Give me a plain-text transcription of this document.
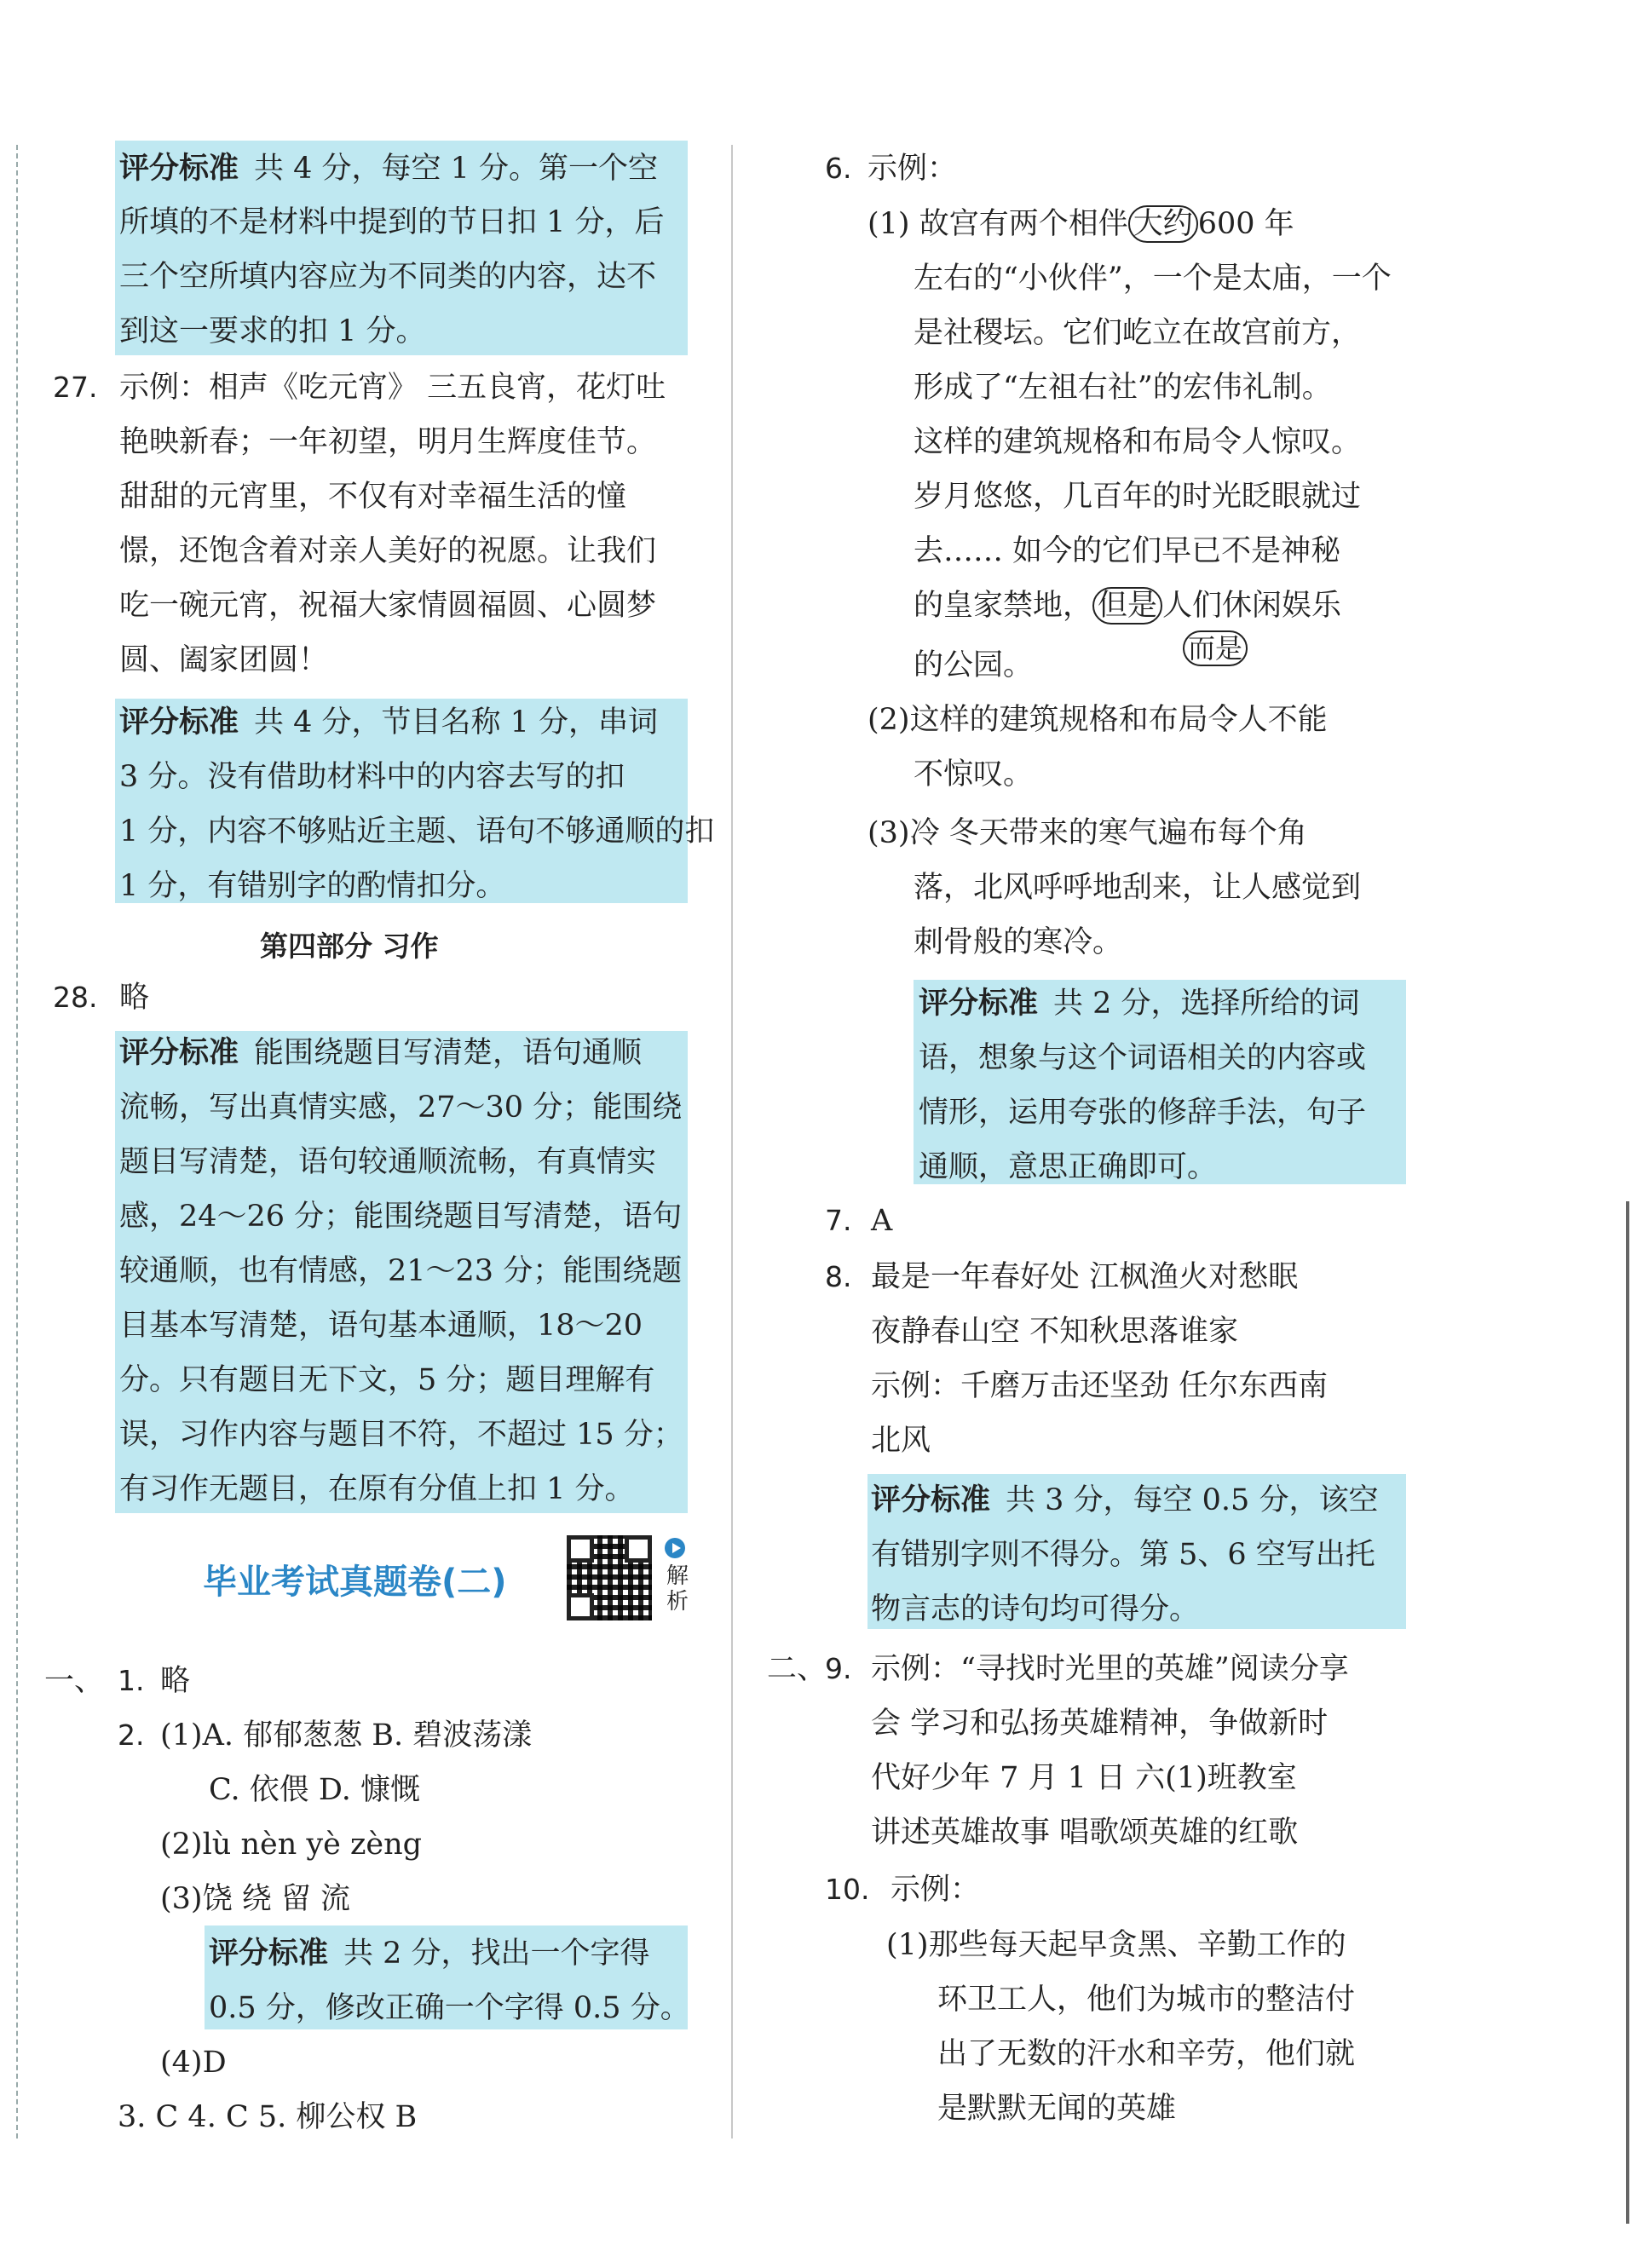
评分标准 共 4 分，每空 1 分。第一个空
所填的不是材料中提到的节日扣 1 分，后
三个空所填内容应为不同类的内容，达不
到这一要求的扣 1 分。
27. 示例：相声《吃元宵》 三五良宵，花灯吐
艳映新春；一年初望，明月生辉度佳节。
甜甜的元宵里，不仅有对幸福生活的憧
憬，还饱含着对亲人美好的祝愿。让我们
吃一碗元宵，祝福大家情圆福圆、心圆梦
圆、阖家团圆！
评分标准 共 4 分，节目名称 1 分，串词
3 分。没有借助材料中的内容去写的扣
1 分，内容不够贴近主题、语句不够通顺的扣
1 分，有错别字的酌情扣分。
第四部分 习作
28. 略
评分标准 能围绕题目写清楚，语句通顺
流畅，写出真情实感，27～30 分；能围绕
题目写清楚，语句较通顺流畅，有真情实
感，24～26 分；能围绕题目写清楚，语句
较通顺，也有情感，21～23 分；能围绕题
目基本写清楚，语句基本通顺，18～20
分。只有题目无下文，5 分；题目理解有
误，习作内容与题目不符，不超过 15 分；
有习作无题目，在原有分值上扣 1 分。
毕业考试真题卷(二)	解析
一、 1. 略
2. (1)A. 郁郁葱葱 B. 碧波荡漾
C. 依偎 D. 慷慨
(2)lù nèn yè zèng
(3)饶 绕 留 流
评分标准 共 2 分，找出一个字得
0.5 分，修改正确一个字得 0.5 分。
(4)D
3. C 4. C 5. 柳公权 B
6. 示例：
(1) 故宫有两个相伴 大约 600 年
左右的“小伙伴”，一个是太庙，一个
是社稷坛。它们屹立在故宫前方，
形成了“左祖右社”的宏伟礼制。
这样的建筑规格和布局令人惊叹。
岁月悠悠，几百年的时光眨眼就过
去…… 如今的它们早已不是神秘
的皇家禁地， 但是 人们休闲娱乐
而是
的公园。
(2)这样的建筑规格和布局令人不能
不惊叹。
(3)冷 冬天带来的寒气遍布每个角
落，北风呼呼地刮来，让人感觉到
刺骨般的寒冷。
评分标准 共 2 分，选择所给的词
语，想象与这个词语相关的内容或
情形，运用夸张的修辞手法，句子
通顺，意思正确即可。
7. A
8. 最是一年春好处 江枫渔火对愁眠
夜静春山空 不知秋思落谁家
示例：千磨万击还坚劲 任尔东西南
北风
评分标准 共 3 分，每空 0.5 分，该空
有错别字则不得分。第 5、6 空写出托
物言志的诗句均可得分。
二、
9. 示例：“寻找时光里的英雄”阅读分享
会 学习和弘扬英雄精神，争做新时
代好少年 7 月 1 日 六(1)班教室
讲述英雄故事 唱歌颂英雄的红歌
10. 示例：
(1)那些每天起早贪黑、辛勤工作的
环卫工人，他们为城市的整洁付
出了无数的汗水和辛劳，他们就
是默默无闻的英雄
